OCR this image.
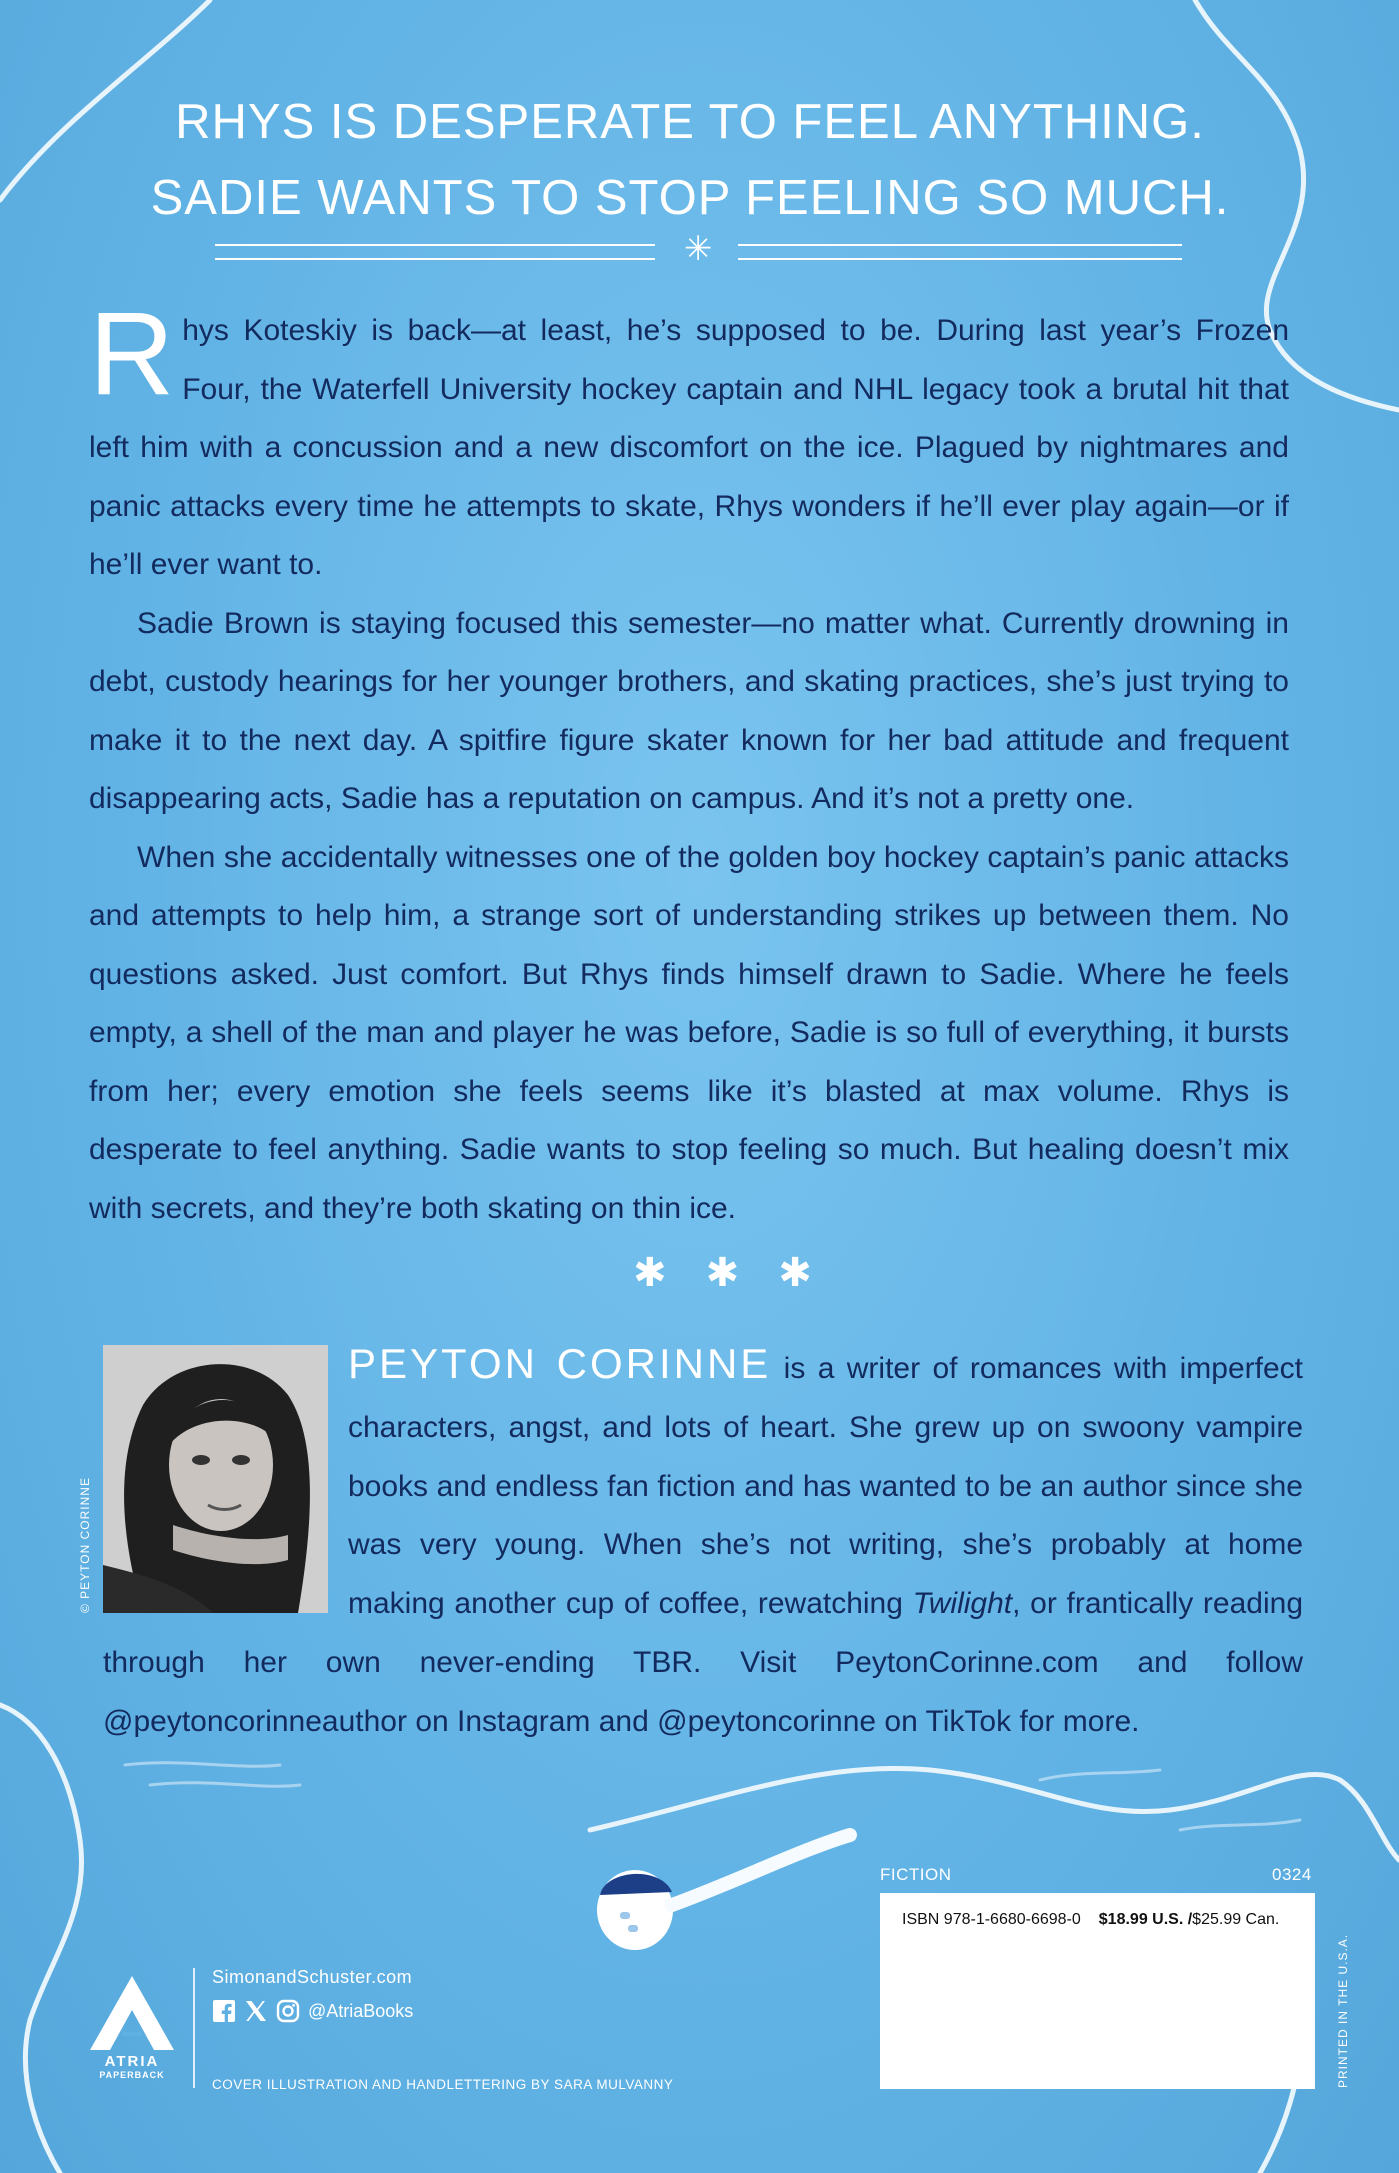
RHYS IS DESPERATE TO FEEL ANYTHING.
SADIE WANTS TO STOP FEELING SO MUCH.
✳

Rhys Koteskiy is back—at least, he’s supposed to be. During last year’s Frozen Four, the Waterfell University hockey captain and NHL legacy took a brutal hit that left him with a concussion and a new discomfort on the ice. Plagued by nightmares and panic attacks every time he attempts to skate, Rhys wonders if he’ll ever play again—or if he’ll ever want to.

Sadie Brown is staying focused this semester—no matter what. Currently drowning in debt, custody hearings for her younger brothers, and skating practices, she’s just trying to make it to the next day. A spitfire figure skater known for her bad attitude and frequent disappearing acts, Sadie has a reputation on campus. And it’s not a pretty one.

When she accidentally witnesses one of the golden boy hockey captain’s panic attacks and attempts to help him, a strange sort of understanding strikes up between them. No questions asked. Just comfort. But Rhys finds himself drawn to Sadie. Where he feels empty, a shell of the man and player he was before, Sadie is so full of everything, it bursts from her; every emotion she feels seems like it’s blasted at max volume. Rhys is desperate to feel anything. Sadie wants to stop feeling so much. But healing doesn’t mix with secrets, and they’re both skating on thin ice.

✱ ✱ ✱

PEYTON CORINNE is a writer of romances with imperfect characters, angst, and lots of heart. She grew up on swoony vampire books and endless fan fiction and has wanted to be an author since she was very young. When she’s not writing, she’s probably at home making another cup of coffee, rewatching Twilight, or frantically reading through her own never-ending TBR. Visit PeytonCorinne.com and follow @peytoncorinneauthor on Instagram and @peytoncorinne on TikTok for more.

© PEYTON CORINNE
ATRIA
PAPERBACK
SimonandSchuster.com
@AtriaBooks
COVER ILLUSTRATION AND HANDLETTERING BY SARA MULVANNY
FICTION	0324
ISBN 978-1-6680-6698-0 $18.99 U.S. /$25.99 Can.
PRINTED IN THE U.S.A.
